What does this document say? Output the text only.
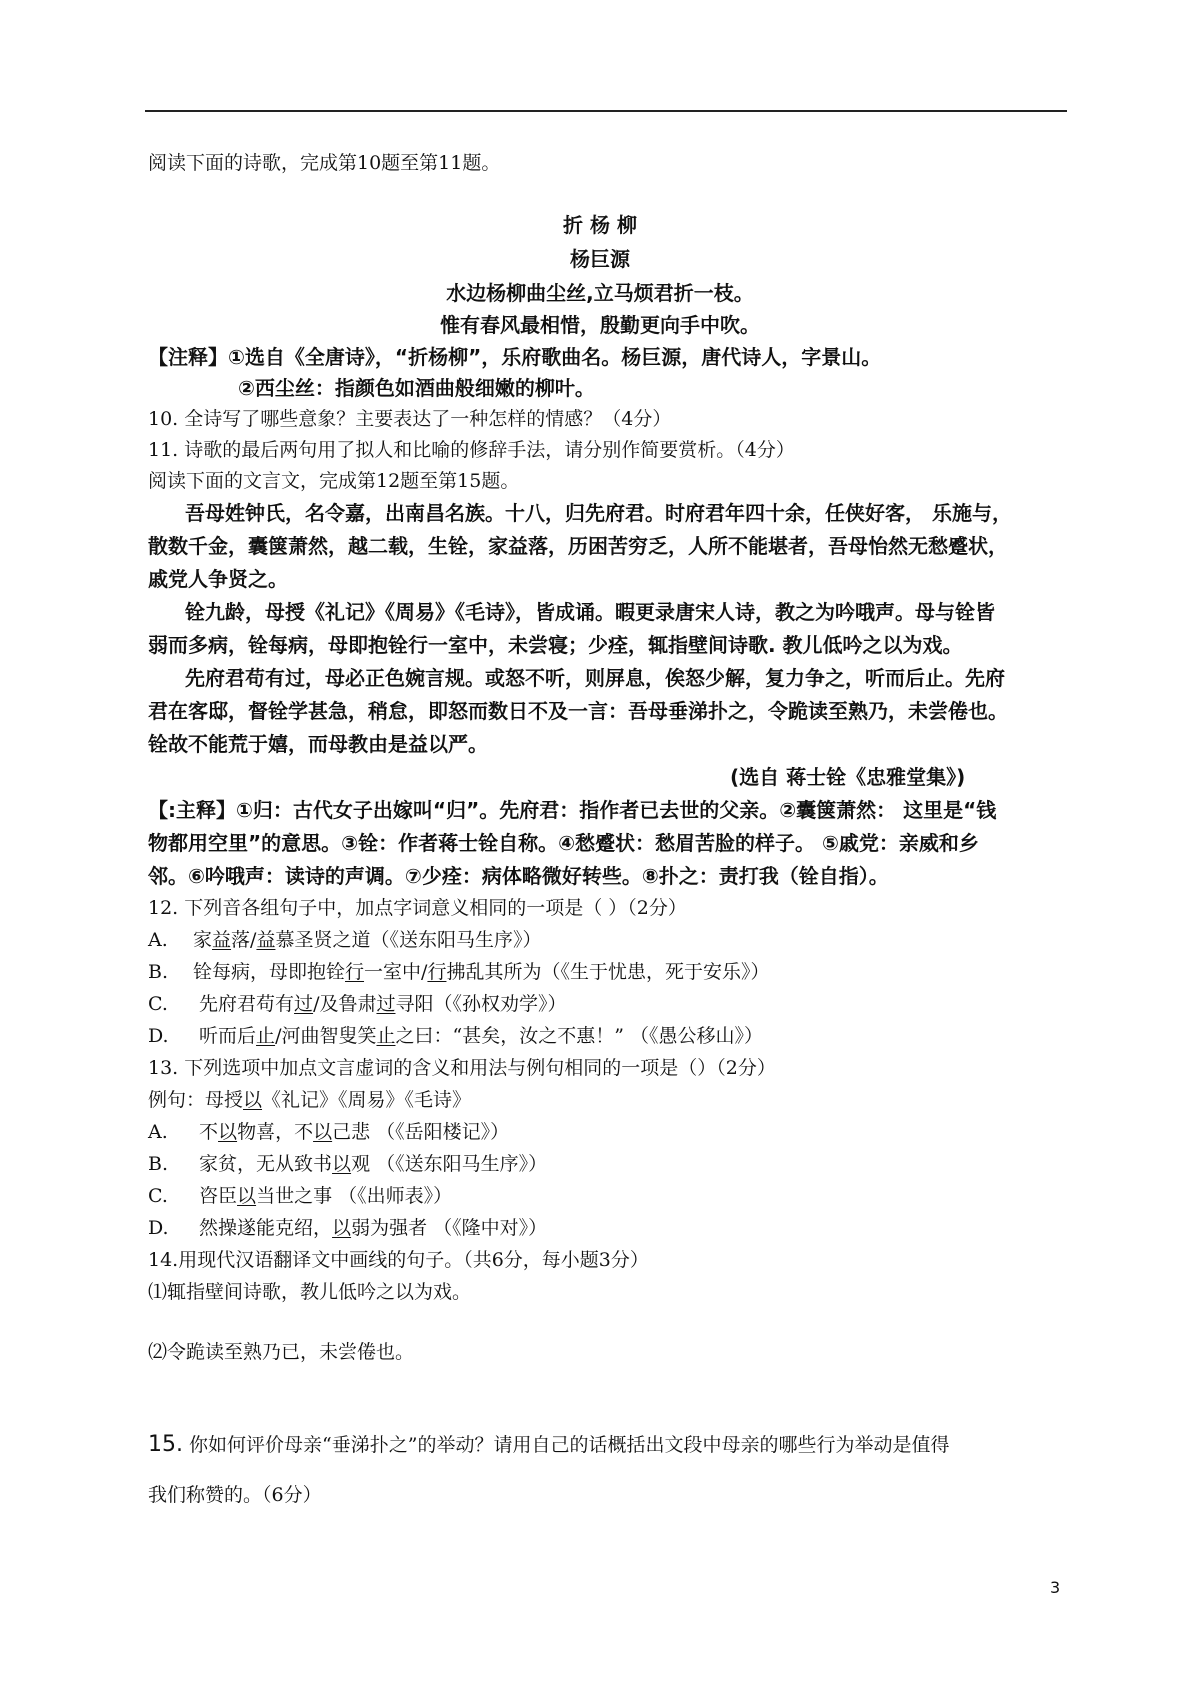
阅读下面的诗歌，完成第10题至第11题。
折 杨 柳
杨巨源
水边杨柳曲尘丝,立马烦君折一枝。
惟有春风最相惜，殷勤更向手中吹。
【注释】①选自《全唐诗》，“折杨柳”，乐府歌曲名。杨巨源，唐代诗人，字景山。
②西尘丝：指颜色如酒曲般细嫩的柳叶。
10. 全诗写了哪些意象？主要表达了一种怎样的情感？（4分）
11. 诗歌的最后两句用了拟人和比喻的修辞手法，请分别作简要赏析。（4分）
阅读下面的文言文，完成第12题至第15题。
吾母姓钟氏，名令嘉，出南昌名族。十八，归先府君。时府君年四十余，任侠好客， 乐施与，
散数千金，囊箧萧然，越二载，生铨，家益落，历困苦穷乏，人所不能堪者，吾母怡然无愁蹙状，
戚党人争贤之。
铨九龄，母授《礼记》《周易》《毛诗》，皆成诵。暇更录唐宋人诗，教之为吟哦声。母与铨皆
弱而多病，铨每病，母即抱铨行一室中，未尝寝；少痊，辄指壁间诗歌. 教儿低吟之以为戏。
先府君苟有过，母必正色婉言规。或怒不听，则屏息，俟怒少解，复力争之，听而后止。先府
君在客邸，督铨学甚急，稍怠，即怒而数日不及一言：吾母垂涕扑之，令跪读至熟乃，未尝倦也。
铨故不能荒于嬉，而母教由是益以严。
(选自 蒋士铨《忠雅堂集》)
【:主释】①归：古代女子出嫁叫“归”。先府君：指作者已去世的父亲。②囊箧萧然： 这里是“钱
物都用空里”的意思。③铨：作者蒋士铨自称。④愁蹙状：愁眉苦脸的样子。 ⑤戚党：亲威和乡
邻。⑥吟哦声：读诗的声调。⑦少痊：病体略微好转些。⑧扑之：责打我（铨自指）。
12. 下列音各组句子中，加点字词意义相同的一项是（ ）（2分）
A. 家益落/益慕圣贤之道（《送东阳马生序》）
B. 铨每病，母即抱铨行一室中/行拂乱其所为（《生于忧患，死于安乐》）
C. 先府君苟有过/及鲁肃过寻阳（《孙权劝学》）
D. 听而后止/河曲智叟笑止之曰：“甚矣，汝之不惠！” （《愚公移山》）
13. 下列选项中加点文言虚词的含义和用法与例句相同的一项是（）（2分）
例句：母授以《礼记》《周易》《毛诗》
A. 不以物喜，不以己悲 （《岳阳楼记》）
B. 家贫，无从致书以观 （《送东阳马生序》）
C. 咨臣以当世之事 （《出师表》）
D. 然操遂能克绍，以弱为强者 （《隆中对》）
14.用现代汉语翻译文中画线的句子。（共6分，每小题3分）
⑴辄指壁间诗歌，教儿低吟之以为戏。
⑵令跪读至熟乃已，未尝倦也。
15. 你如何评价母亲“垂涕扑之”的举动？请用自己的话概括出文段中母亲的哪些行为举动是值得
我们称赞的。（6分）
3
